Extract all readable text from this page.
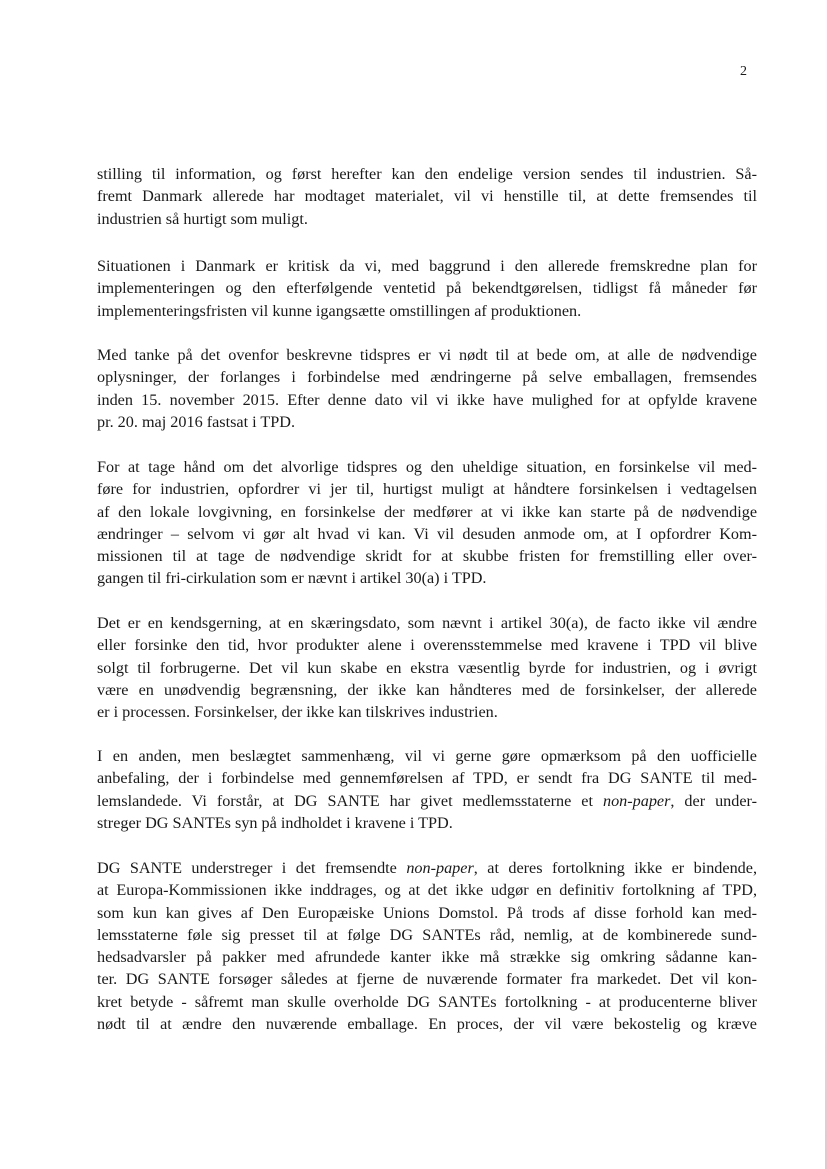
2
stilling til information, og først herefter kan den endelige version sendes til industrien. Så-
fremt Danmark allerede har modtaget materialet, vil vi henstille til, at dette fremsendes til
industrien så hurtigt som muligt.
Situationen i Danmark er kritisk da vi, med baggrund i den allerede fremskredne plan for
implementeringen og den efterfølgende ventetid på bekendtgørelsen, tidligst få måneder før
implementeringsfristen vil kunne igangsætte omstillingen af produktionen.
Med tanke på det ovenfor beskrevne tidspres er vi nødt til at bede om, at alle de nødvendige
oplysninger, der forlanges i forbindelse med ændringerne på selve emballagen, fremsendes
inden 15. november 2015. Efter denne dato vil vi ikke have mulighed for at opfylde kravene
pr. 20. maj 2016 fastsat i TPD.
For at tage hånd om det alvorlige tidspres og den uheldige situation, en forsinkelse vil med-
føre for industrien, opfordrer vi jer til, hurtigst muligt at håndtere forsinkelsen i vedtagelsen
af den lokale lovgivning, en forsinkelse der medfører at vi ikke kan starte på de nødvendige
ændringer – selvom vi gør alt hvad vi kan. Vi vil desuden anmode om, at I opfordrer Kom-
missionen til at tage de nødvendige skridt for at skubbe fristen for fremstilling eller over-
gangen til fri-cirkulation som er nævnt i artikel 30(a) i TPD.
Det er en kendsgerning, at en skæringsdato, som nævnt i artikel 30(a), de facto ikke vil ændre
eller forsinke den tid, hvor produkter alene i overensstemmelse med kravene i TPD vil blive
solgt til forbrugerne. Det vil kun skabe en ekstra væsentlig byrde for industrien, og i øvrigt
være en unødvendig begrænsning, der ikke kan håndteres med de forsinkelser, der allerede
er i processen. Forsinkelser, der ikke kan tilskrives industrien.
I en anden, men beslægtet sammenhæng, vil vi gerne gøre opmærksom på den uofficielle
anbefaling, der i forbindelse med gennemførelsen af TPD, er sendt fra DG SANTE til med-
lemslandede. Vi forstår, at DG SANTE har givet medlemsstaterne et non-paper, der under-
streger DG SANTEs syn på indholdet i kravene i TPD.
DG SANTE understreger i det fremsendte non-paper, at deres fortolkning ikke er bindende,
at Europa-Kommissionen ikke inddrages, og at det ikke udgør en definitiv fortolkning af TPD,
som kun kan gives af Den Europæiske Unions Domstol. På trods af disse forhold kan med-
lemsstaterne føle sig presset til at følge DG SANTEs råd, nemlig, at de kombinerede sund-
hedsadvarsler på pakker med afrundede kanter ikke må strække sig omkring sådanne kan-
ter. DG SANTE forsøger således at fjerne de nuværende formater fra markedet. Det vil kon-
kret betyde - såfremt man skulle overholde DG SANTEs fortolkning - at producenterne bliver
nødt til at ændre den nuværende emballage. En proces, der vil være bekostelig og kræve
